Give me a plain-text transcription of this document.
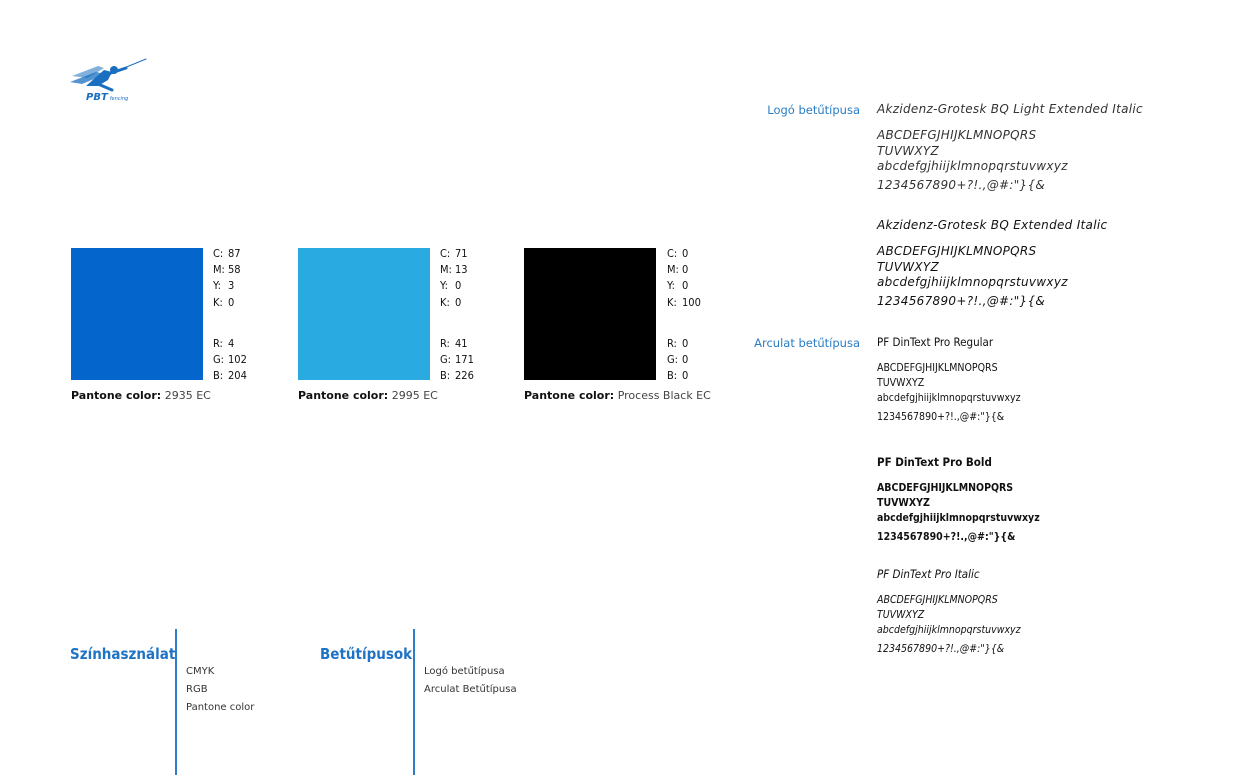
PBT fencing
C: 87
M: 58
Y: 3
K: 0
R: 4
G: 102
B: 204
Pantone color: 2935 EC
C: 71
M: 13
Y: 0
K: 0
R: 41
G: 171
B: 226
Pantone color: 2995 EC
C: 0
M: 0
Y: 0
K: 100
R: 0
G: 0
B: 0
Pantone color: Process Black EC
Logó betűtípusa
Arculat betűtípusa
Akzidenz-Grotesk BQ Light Extended Italic
ABCDEFGJHIJKLMNOPQRS
TUVWXYZ
abcdefgjhiijklmnopqrstuvwxyz
1234567890+?!.,@#:"}{&
Akzidenz-Grotesk BQ Extended Italic
ABCDEFGJHIJKLMNOPQRS
TUVWXYZ
abcdefgjhiijklmnopqrstuvwxyz
1234567890+?!.,@#:"}{&
PF DinText Pro Regular
ABCDEFGJHIJKLMNOPQRS
TUVWXYZ
abcdefgjhiijklmnopqrstuvwxyz
1234567890+?!.,@#:"}{&
PF DinText Pro Bold
ABCDEFGJHIJKLMNOPQRS
TUVWXYZ
abcdefgjhiijklmnopqrstuvwxyz
1234567890+?!.,@#:"}{&
PF DinText Pro Italic
ABCDEFGJHIJKLMNOPQRS
TUVWXYZ
abcdefgjhiijklmnopqrstuvwxyz
1234567890+?!.,@#:"}{&
Színhasználat
CMYK
RGB
Pantone color
Betűtípusok
Logó betűtípusa
Arculat Betűtípusa
